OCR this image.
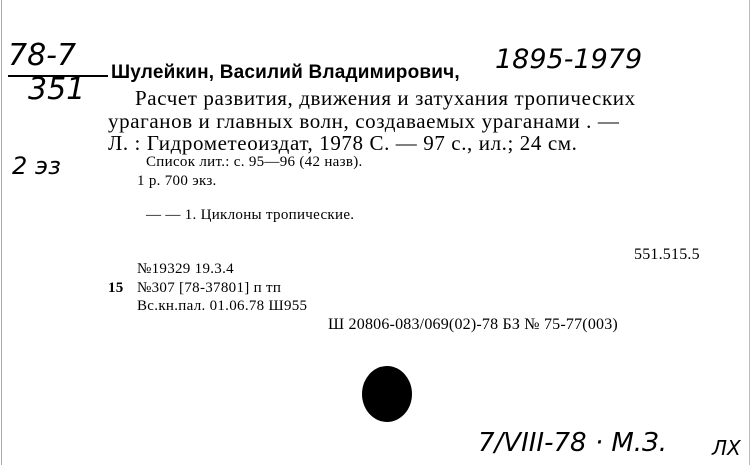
78-7
351
2 эз
1895-1979
7/VIII-78 · М.З. ЛХ
Шулейкин, Василий Владимирович,
Расчет развития, движения и затухания тропических
ураганов и главных волн, создаваемых ураганами . —
Л. : Гидрометеоиздат, 1978 С. — 97 с., ил.; 24 см.
Список лит.: с. 95—96 (42 назв).
1 р. 700 экз.
— — 1. Циклоны тропические.
551.515.5
№19329 19.3.4
15 №307 [78-37801] п тп
Вс.кн.пал. 01.06.78 Ш955
Ш 20806-083/069(02)-78 БЗ № 75-77(003)
